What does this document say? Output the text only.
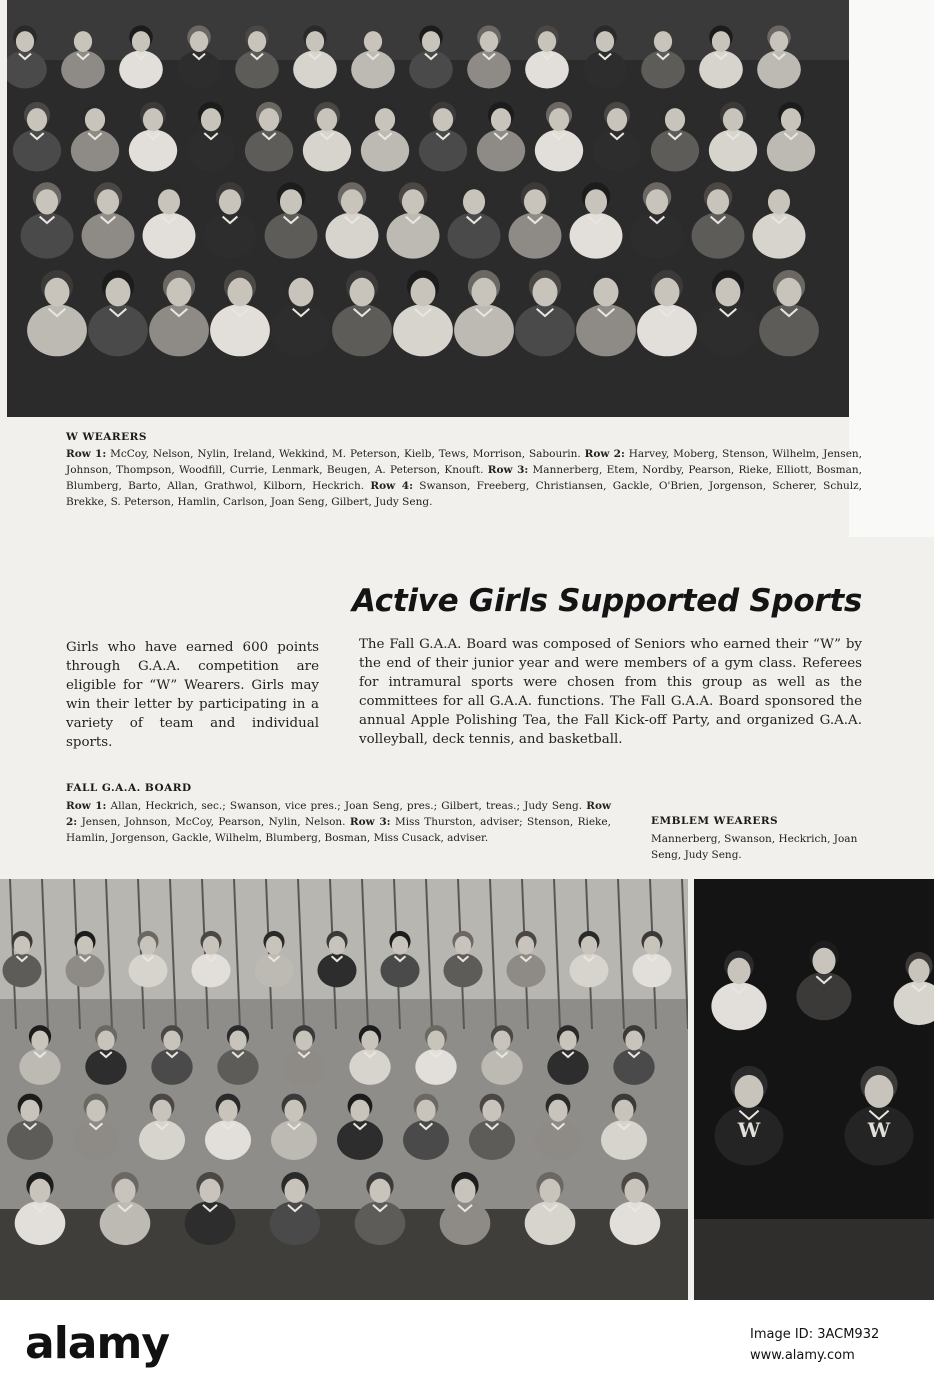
W WEARERS
Row 1: McCoy, Nelson, Nylin, Ireland, Wekkind, M. Peterson, Kielb, Tews, Morrison, Sabourin. Row 2: Harvey, Moberg, Stenson, Wilhelm, Jensen, Johnson, Thompson, Woodfill, Currie, Lenmark, Beugen, A. Peterson, Knouft. Row 3: Mannerberg, Etem, Nordby, Pearson, Rieke, Elliott, Bosman, Blumberg, Barto, Allan, Grathwol, Kilborn, Heckrich. Row 4: Swanson, Freeberg, Christiansen, Gackle, O'Brien, Jorgenson, Scherer, Schulz, Brekke, S. Peterson, Hamlin, Carlson, Joan Seng, Gilbert, Judy Seng.
Active Girls Supported Sports

Girls who have earned 600 points through G.A.A. competition are eligible for “W” Wearers. Girls may win their letter by participating in a variety of team and individual sports.

The Fall G.A.A. Board was composed of Seniors who earned their “W” by the end of their junior year and were members of a gym class. Referees for intramural sports were chosen from this group as well as the committees for all G.A.A. functions. The Fall G.A.A. Board sponsored the annual Apple Polishing Tea, the Fall Kick-off Party, and organized G.A.A. volleyball, deck tennis, and basketball.

FALL G.A.A. BOARD
Row 1: Allan, Heckrich, sec.; Swanson, vice pres.; Joan Seng, pres.; Gilbert, treas.; Judy Seng. Row 2: Jensen, Johnson, McCoy, Pearson, Nylin, Nelson. Row 3: Miss Thurston, adviser; Stenson, Rieke, Hamlin, Jorgenson, Gackle, Wilhelm, Blumberg, Bosman, Miss Cusack, adviser.
EMBLEM WEARERS
Mannerberg, Swanson, Heckrich, Joan Seng, Judy Seng.
W	W
alamy	Image ID: 3ACM932
www.alamy.com
